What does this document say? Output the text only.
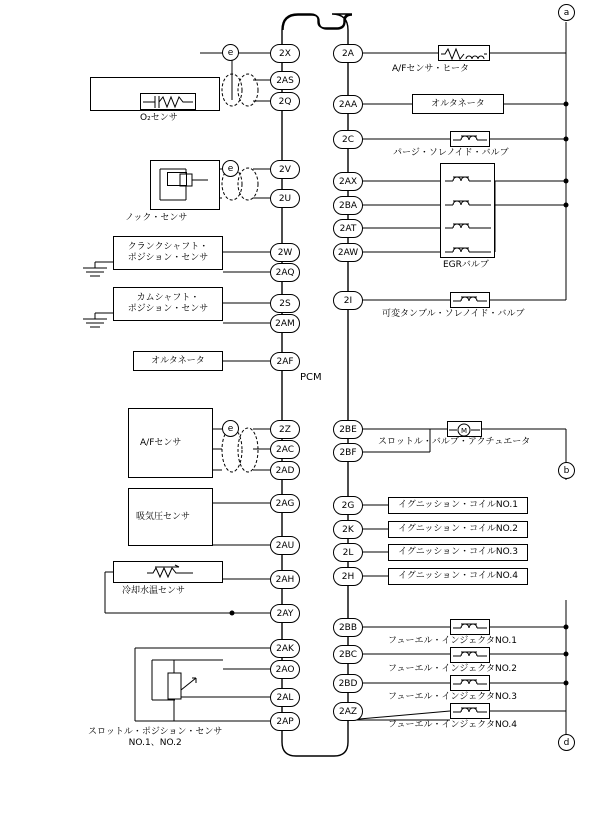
a
b
d
e
e
e
PCM
2X
2AS
2Q
2V
2U
2W
2AQ
2S
2AM
2AF
2Z
2AC
2AD
2AG
2AU
2AH
2AY
2AK
2AO
2AL
2AP
2A
2AA
2C
2AX
2BA
2AT
2AW
2I
2BE
2BF
2G
2K
2L
2H
2BB
2BC
2BD
2AZ
O₂センサ
ノック・センサ
クランクシャフト・
ポジション・センサ
カムシャフト・
ポジション・センサ
オルタネータ
A/Fセンサ
吸気圧センサ
冷却水温センサ
スロットル・ポジション・センサ
NO.1、NO.2
A/Fセンサ・ヒータ
オルタネータ
パージ・ソレノイド・バルブ
EGRバルブ
可変タンブル・ソレノイド・バルブ
M
スロットル・バルブ・アクチュエータ
イグニッション・コイルNO.1
イグニッション・コイルNO.2
イグニッション・コイルNO.3
イグニッション・コイルNO.4
フューエル・インジェクタNO.1
フューエル・インジェクタNO.2
フューエル・インジェクタNO.3
フューエル・インジェクタNO.4
